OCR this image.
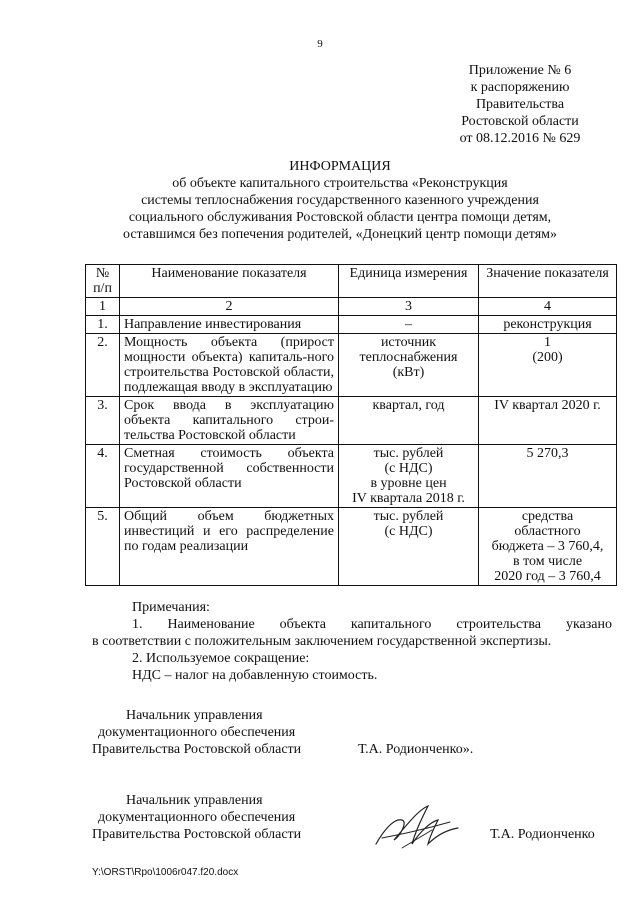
9
Приложение № 6
к распоряжению
Правительства
Ростовской области
от 08.12.2016 № 629
ИНФОРМАЦИЯ
об объекте капитального строительства «Реконструкция
системы теплоснабжения государственного казенного учреждения
социального обслуживания Ростовской области центра помощи детям,
оставшимся без попечения родителей, «Донецкий центр помощи детям»
№ п/п	Наименование показателя	Единица измерения	Значение показателя
1	2	3	4
1.	Направление инвестирования	–	реконструкция
2.	Мощность объекта (прирост мощности объекта) капиталь-ного строительства Ростовской области, подлежащая вводу в эксплуатацию	источник теплоснабжения (кВт)	1
(200)
3.	Срок ввода в эксплуатацию объекта капитального строи-тельства Ростовской области	квартал, год	IV квартал 2020 г.
4.	Сметная стоимость объекта государственной собственности Ростовской области	тыс. рублей
(с НДС)
в уровне цен
IV квартала 2018 г.	5 270,3
5.	Общий объем бюджетных инвестиций и его распределение по годам реализации	тыс. рублей
(с НДС)	средства
областного
бюджета – 3 760,4,
в том числе
2020 год – 3 760,4
Примечания:
1. Наименование объекта капитального строительства указано
в соответствии с положительным заключением государственной экспертизы.
2. Используемое сокращение:
НДС – налог на добавленную стоимость.
Начальник управления
документационного обеспечения
Правительства Ростовской области	Т.А. Родионченко».
Начальник управления
документационного обеспечения
Правительства Ростовской области	Т.А. Родионченко
Y:\ORST\Rpo\1006r047.f20.docx
